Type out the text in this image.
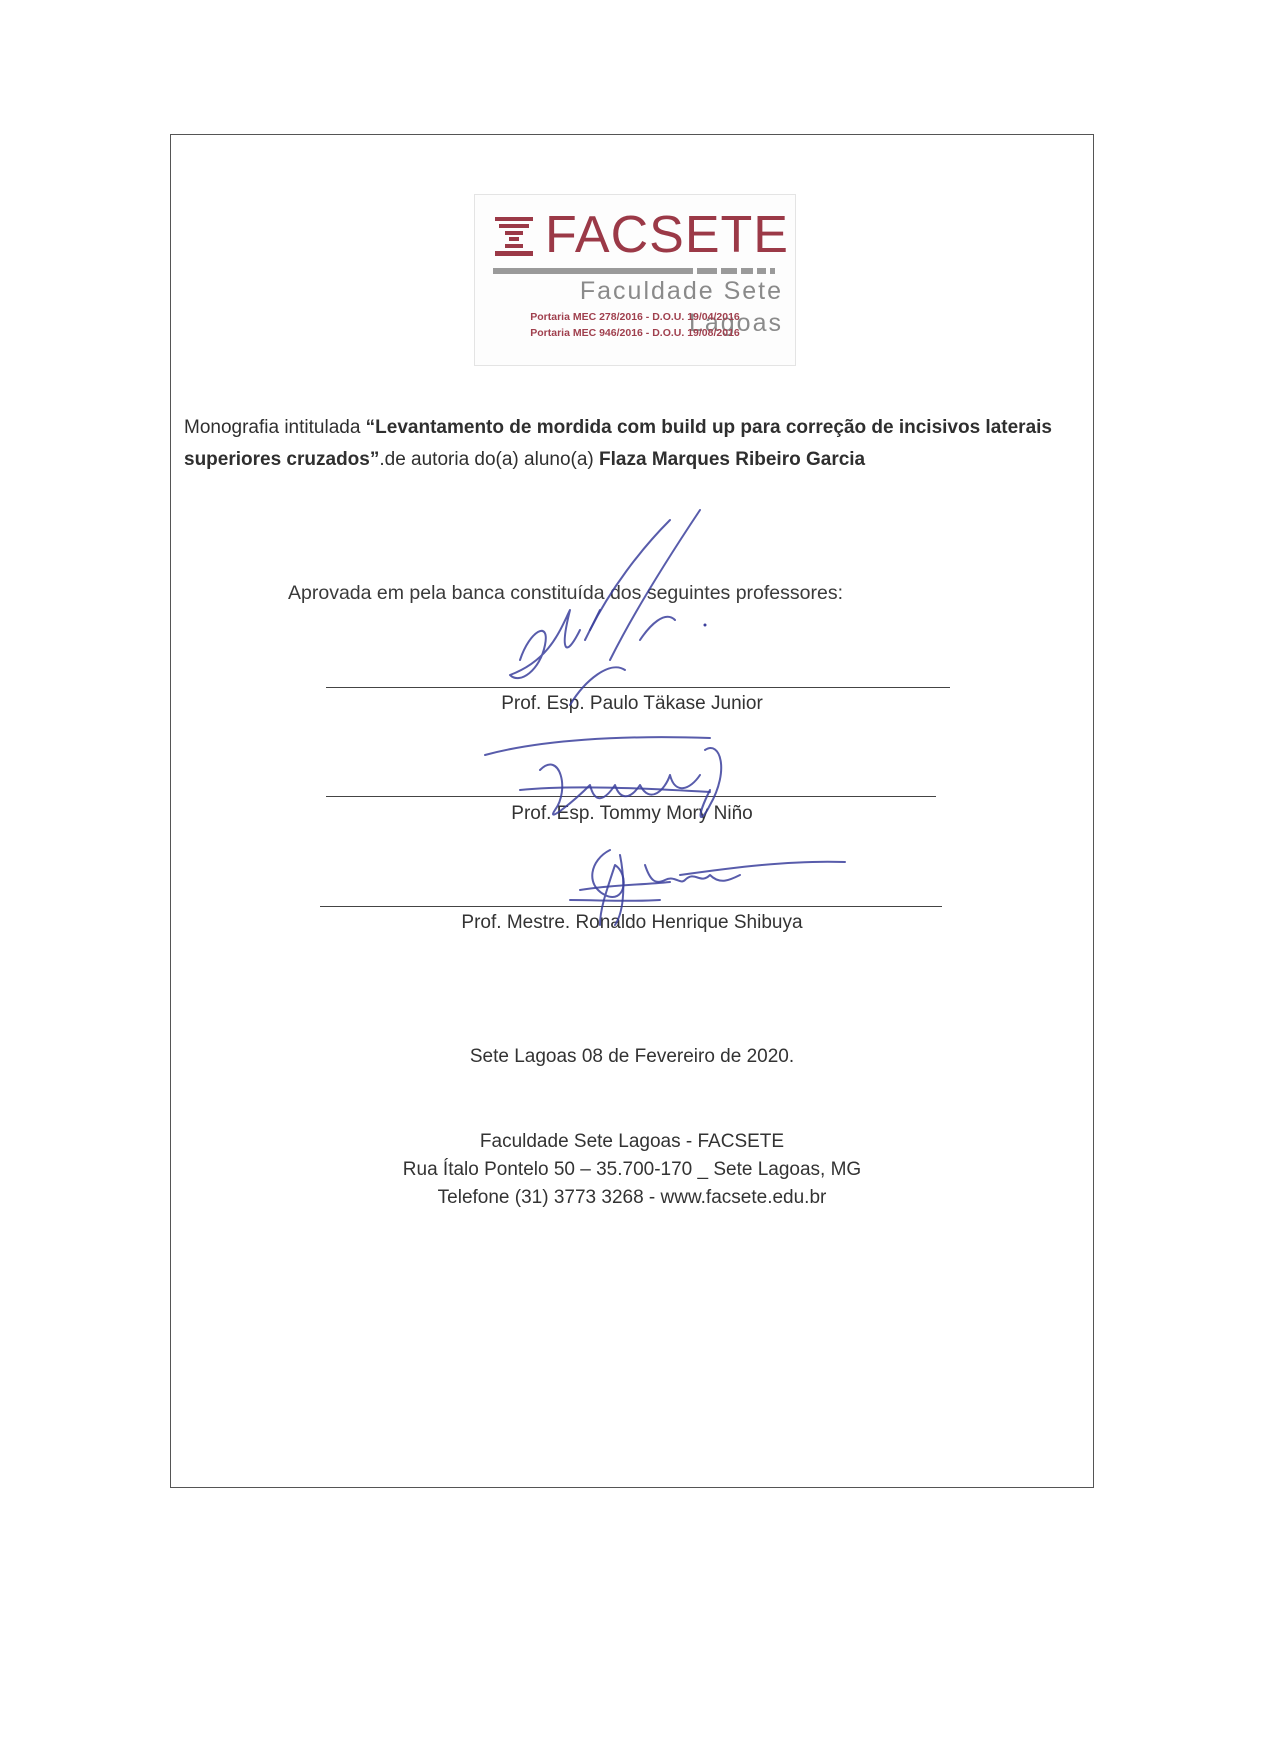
FACSETE
Faculdade Sete Lagoas
Portaria MEC 278/2016 - D.O.U. 19/04/2016
Portaria MEC 946/2016 - D.O.U. 19/08/2016
Monografia intitulada “Levantamento de mordida com build up para correção de incisivos laterais superiores cruzados”.de autoria do(a) aluno(a) Flaza Marques Ribeiro Garcia
Aprovada em pela banca constituída dos seguintes professores:
Prof. Esp. Paulo Täkase Junior
Prof. Esp. Tommy Mory Niño
Prof. Mestre. Ronaldo Henrique Shibuya
Sete Lagoas 08 de Fevereiro de 2020.
Faculdade Sete Lagoas - FACSETE
Rua Ítalo Pontelo 50 – 35.700-170 _ Sete Lagoas, MG
Telefone (31) 3773 3268 - www.facsete.edu.br
